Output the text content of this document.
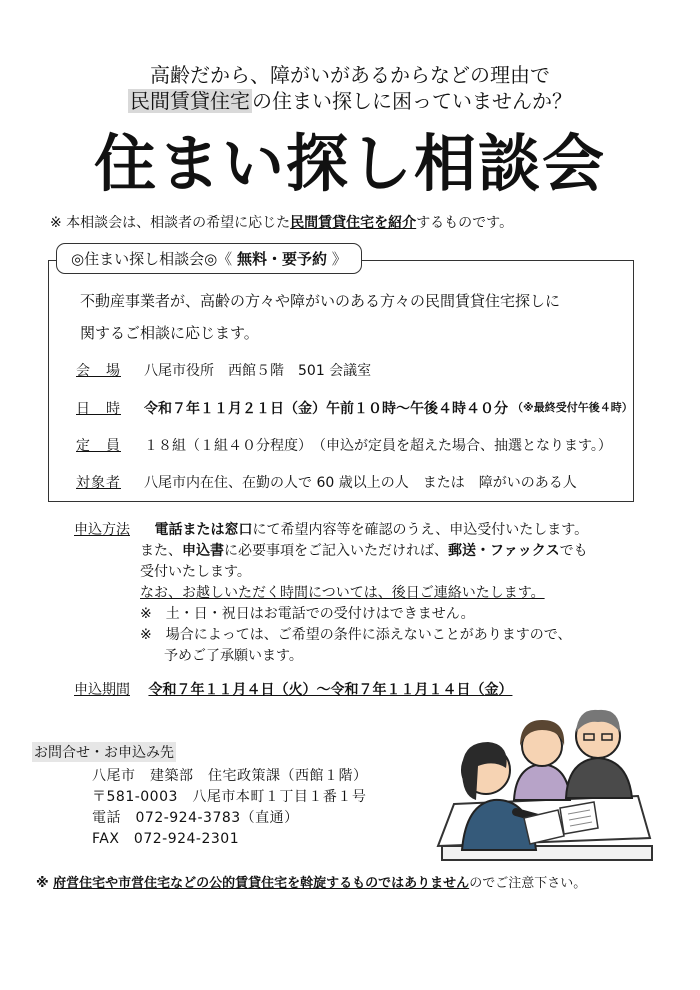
高齢だから、障がいがあるからなどの理由で
民間賃貸住宅 の住まい探しに困っていませんか？
住まい探し相談会
※ 本相談会は、相談者の希望に応じた民間賃貸住宅を紹介するものです。
◎住まい探し相談会◎《 無料・要予約 》
不動産事業者が、高齢の方々や障がいのある方々の民間賃貸住宅探しに
関するご相談に応じます。
会　場	八尾市役所　西館５階　501 会議室
日　時	令和７年１１月２１日（金）午前１０時～午後４時４０分 （※最終受付午後４時）
定　員	１８組（１組４０分程度）　（申込が定員を超えた場合、抽選となります。）
対象者	八尾市内在住、在勤の人で 60 歳以上の人　または　障がいのある人
申込方法 電話または窓口にて希望内容等を確認のうえ、申込受付いたします。
また、申込書に必要事項をご記入いただければ、郵送・ファックスでも
受付いたします。
なお、お越しいただく時間については、後日ご連絡いたします。
※　土・日・祝日はお電話での受付けはできません。
※　場合によっては、ご希望の条件に添えないことがありますので、
予めご了承願います。
申込期間 令和７年１１月４日（火）～令和７年１１月１４日（金）
お問合せ・お申込み先
八尾市　建築部　住宅政策課（西館１階）
〒581-0003　八尾市本町１丁目１番１号
電話　072-924-3783（直通）
FAX　072-924-2301
※ 府営住宅や市営住宅などの公的賃貸住宅を斡旋するものではありませんのでご注意下さい。
